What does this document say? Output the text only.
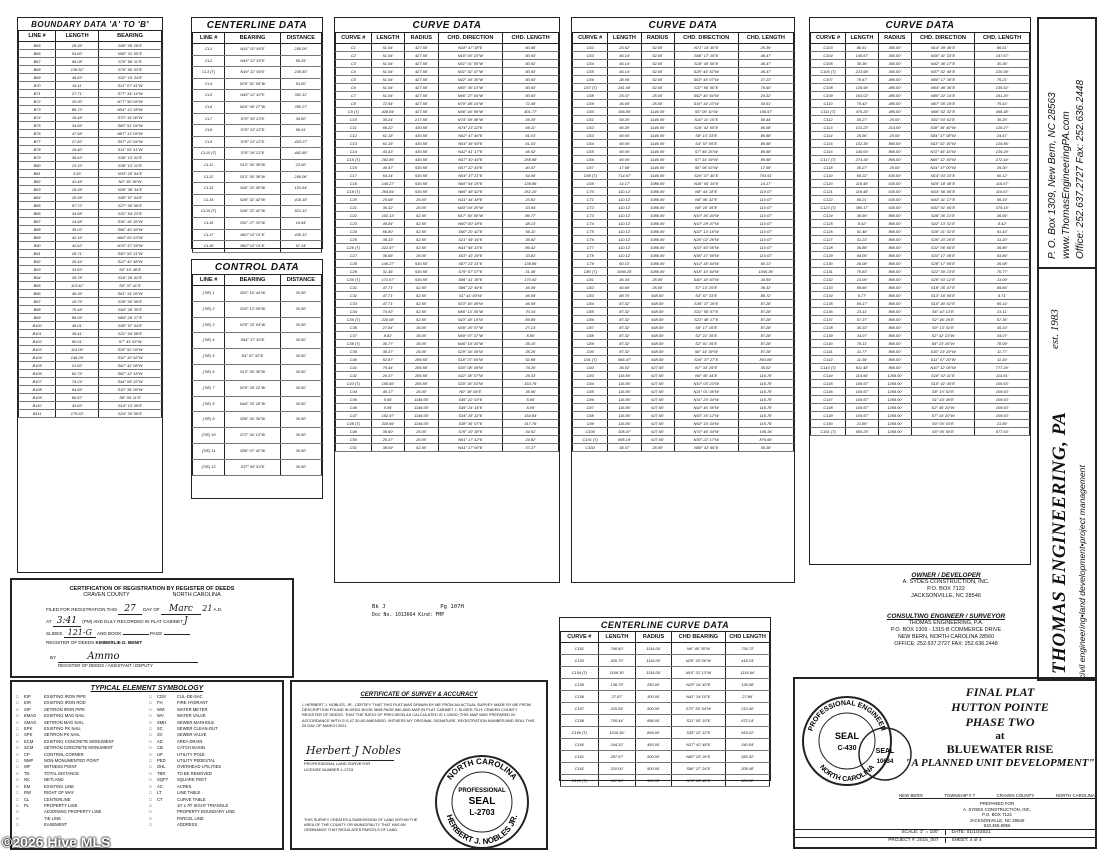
BOUNDARY DATA 'A' TO 'B'
LINE #	LENGTH	BEARING
B65	28.36'	S89° 09' 28"E
B66	53.60'	N60° 31' 05"E
B67	96.08'	S75° 56' 11"E
B68	138.52'	S79° 50' 53"E
B69	49.83'	S32° 19' 34"E
B70	19.11'	S21° 07' 41"W
B71	27.71'	S77° 34' 14"W
B72	20.00'	N77° 56' 06"W
B73	89.73'	N54° 13' 38"W
B74	19.45'	S70° 16' 00"W
B75	34.66'	S80° 51' 04"W
B76	47.95'	N87° 13' 06"W
B77	27.82'	S57° 22' 04"W
B78	15.40'	S11° 03' 31"W
B79	39.63'	S36° 13' 01"E
B80	23.33'	S38° 13' 12"E
B81	3.93'	N33° 20' 54"E
B82	41.45'	N0° 35' 36"W
B83	19.35'	N36° 38' 34"E
B84	10.35'	S65° 57' 54"E
B85	67.72'	S27° 05' 56"E
B86	34.58'	S31° 54' 23"E
B87	14.58'	S36° 16' 26"W
B88	35.02'	S66° 40' 49"W
B89	42.16'	N66° 00' 53"W
B90	42.62'	N76° 37' 39"W
B91	28.71'	S50° 53' 21"W
B92	25.44'	S22° 42' 48"W
B93	33.83'	S0° 10' 48"E
B94	35.78'	S16° 26' 41"E
B95	113.62'	S0° 37' 41"E
B96	45.36'	S61° 14' 26"W
B97	10.76'	S39° 00' 09"E
B98	75.45'	S64° 28' 35"E
B99	86.06'	N84° 26' 17"E
B100	49.01'	S65° 57' 54"E
B101	39.41'	S21° 04' 58"E
B102	60.01'	S7° 43' 53"W
B103	114.09'	S25° 52' 09"W
B104	146.29'	S32° 10' 52"W
B105	21.82'	S62° 42' 08"W
B106	82.76'	S82° 12' 18"W
B107	74.24'	S44° 08' 22"W
B108	64.66'	S10° 36' 09"W
B109	86.87'	S8° 06' 11"E
B110	43.83'	S14° 13' 09"E
B111	175.63'	S24° 30' 56"E
CENTERLINE DATA
LINE #	BEARING	DISTANCE
CL1	N16° 20' 56"E	250.00'
CL2	N45° 22' 55"E	95.29'
CL3 (T)	N16° 22' 56"E	235.50'
CL4	N76° 51' 04"W	53.00'
CL5	N45° 22' 42"E	302.12'
CL6	N16° 06' 27"W	280.27'
CL7	S79° 39' 23"E	34.00'
CL8	S76° 23' 22"E	99.41'
CL9	S76° 23' 22"E	403.27'
CL10 (T)	S76° 26' 22"E	462.68'
CL11	S13° 36' 38"W	23.00'
CL12	S13° 36' 38"W	256.06'
CL13	S46° 32' 40"W	101.64'
CL14	S46° 32' 42"W	418.18'
CL15 (T)	S46° 32' 42"W	521.12'
CL16	S51° 27' 33"W	19.94'
CL17	N62° 02' 01"E	430.12'
CL18	N62° 02' 01"E	67.14'
CONTROL DATA
LINE #	BEARING	DISTANCE
(TIE) 1	S02° 16' 44"W	30.50'
(TIE) 2	S33° 13' 05"W	30.50'
(TIE) 3	N78° 33' 04"W	30.50'
(TIE) 4	S44° 37' 16"E	30.50'
(TIE) 5	S4° 57' 52"E	30.50'
(TIE) 6	S13° 36' 38"W	30.50'
(TIE) 7	N76° 26' 22"W	30.50'
(TIE) 8	N44° 33' 18"W	30.50'
(TIE) 9	S59° 30' 36"W	30.50'
(TIE) 10	S72° 34' 13"W	30.50'
(TIE) 11	S86° 07' 42"W	30.50'
(TIE) 12	S37° 55' 53"E	30.50'
CURVE DATA
CURVE #	LENGTH	RADIUS	CHD. DIRECTION	CHD. LENGTH
C1	51.04'	427.50'	N18° 47' 38"E	50.96'
C2	51.04'	427.50'	N16° 00' 23"W	50.93'
C3	51.04'	427.50'	N31° 01' 55"W	50.92'
C4	51.04'	427.50'	N31° 52' 47"W	50.93'
C5	51.04'	427.50'	N42° 44' 30"W	50.93'
C6	51.04'	427.50'	N50° 35' 13"W	50.93'
C7	51.04'	427.50'	N66° 27' 54"W	50.93'
C8	72.54'	427.50'	N79° 48' 24"W	72.45'
C9 (T)	428.84'	427.50'	N36° 44' 56"W	401.77'
C10	35.24'	217.50'	N74° 59' 48"W	35.20'
C11	66.22'	430.50'	N74° 23' 22"E	66.11'
C12	61.18'	430.50'	N62° 47' 46"E	61.03'
C13	61.18'	430.50'	N54° 36' 56"E	61.03'
C14	43.43'	430.50'	N42° 41' 17"E	45.42'
C15 (T)	262.85'	430.50'	N57° 30' 45"E	258.88'
C16	40.47'	530.50'	N57° 22' 45"E	40.47'
C17	54.14'	530.50'	N54° 37' 21"E	54.09'
C18	140.27'	530.50'	N66° 04' 26"E	139.86'
C18 (T)	264.84'	530.50'	N66° 48' 52"E	262.10'
C20	25.68'	25.00'	N31° 44' 48"E	23.81'
C21	36.32'	25.00'	N43° 04' 20"W	33.94'
C22	102.13'	52.50'	N17° 50' 50"W	86.77'
C23	49.84'	52.50'	N60° 00' 18"E	48.13'
C24	56.80'	52.50'	S60° 20' 42"E	55.11'
C25	38.33'	52.50'	S21° 49' 34"E	35.92'
C26 (T)	222.97'	52.50'	N41° 56' 33"E	86.42'
C27	36.68'	25.00'	S53° 43' 29"E	33.81'
C28	140.27'	530.50'	S87° 23' 31"E	139.86'
C29	31.45'	530.50'	S79° 07' 07"E	31.45'
C30 (T)	171.67'	530.50'	S86° 41' 36"E	170.92'
C31	47.71'	52.50'	S86° 22' 49"E	46.09'
C32	47.71'	52.50'	S1° 41' 00"W	46.09'
C33	47.71'	52.50'	S53° 40' 48"W	46.09'
C34	74.93'	52.50'	N56° 13' 35"W	70.34'
C35 (T)	220.08'	52.50'	S43° 48' 16"W	89.85'
C36	27.84'	35.00'	N39° 25' 07"W	27.13'
C37	8.82'	35.00'	N69° 07' 37"W	8.80'
C38 (T)	36.77'	35.00'	N46° 19' 43"W	35.10'
C39	38.37'	25.00'	S29° 34' 39"W	35.26'
C40	52.87'	286.50'	S18° 07' 50"W	52.89'
C41	79.44'	286.50'	S30° 08' 39"W	79.20'
C42	29.37'	286.50'	S42° 38' 37"W	29.33'
C43 (T)	155.66'	286.50'	S30° 30' 53"W	153.76'
C44	40.17'	25.00'	N0° 38' 04"E	35.96'
C45	5.66'	1146.00'	S45° 22' 03"E	5.66'
C46	5.06'	1146.00'	S45° 24' 14"E	5.06'
C47	152.97'	1146.00'	S34° 28' 32"E	154.84'
C48 (T)	318.69'	1146.00'	S38° 36' 07"E	317.76'
C49	39.60'	25.00'	S76° 10' 38"E	34.51'
C50	25.37'	25.00'	N61° 17' 42"E	24.82'
C51	38.09'	52.50'	N41° 17' 06"E	37.27'
CURVE DATA
CURVE #	LENGTH	RADIUS	CHD. DIRECTION	CHD. LENGTH
C52	25.62'	52.50'	N71° 14' 30"E	25.39'
C53	46.14'	52.50'	S66° 17' 15"E	46.47'
C54	46.14'	52.50'	S18° 45' 56"E	46.47'
C55	46.14'	52.50'	S28° 45' 52"W	46.47'
C56	38.06'	52.50'	S63° 45' 07"W	37.23'
C57 (T)	241.60'	52.50'	S37° 56' 50"E	76.60'
C58	25.37'	25.00'	S62° 46' 54"W	24.32'
C59	36.69'	25.00'	S16° 34' 23"W	34.51'
C60	156.80'	1146.00'	S5° 09' 10"W	156.57'
C61	59.20'	1146.00'	S10° 11' 15"E	59.44'
C62	90.20'	1146.00'	S16° 42' 05"E	90.08'
C63	90.00'	1146.00'	S8° 13' 33"E	89.98'
C64	90.00'	1146.00'	S4° 57' 05"E	89.98'
C65	90.00'	1146.00'	S7° 45' 26"W	89.98'
C66	90.00'	1146.00'	S7° 14' 39"W	89.98'
C67	17.58'	1146.00'	S6° 06' 63"W	17.58'
C68 (T)	714.67'	1146.00'	S10° 37' 40"E	703.51'
C69	14.17'	1086.00'	N16° 05' 34"E	14.17'
C70	110.12'	1086.00'	N8° 44' 18"E	110.07'
C71	110.12'	1086.00'	N8° 06' 32"E	110.07'
C72	110.12'	1086.00'	N8° 10' 35"E	110.07'
C73	110.12'	1086.00'	N10° 36' 44"W	110.07'
C74	110.12'	1086.00'	N10° 28' 47"W	110.07'
C75	110.12'	1086.00'	N22° 14' 16"W	110.07'
C76	110.12'	1086.00'	N26° 02' 26"W	110.07'
C77	110.12'	1086.00'	N33° 50' 05"W	110.07'
C78	110.12'	1086.00'	N36° 37' 59"W	110.07'
C79	60.13'	1086.00'	N14° 38' 54"W	60.13'
C80 (T)	1066.25'	1086.00'	N18° 10' 54"W	1045.36'
C81	36.34'	25.00'	S40° 18' 53"W	34.59'
C82	40.65'	25.00'	S7° 13' 25"E	36.32'
C83	88.70'	648.50'	S4° 57' 33"E	88.72'
C84	87.32'	648.50'	S36° 37' 19"E	87.28'
C85	87.32'	648.50'	S31° 55' 07"E	87.28'
C86	87.32'	648.50'	S23° 48' 17"E	87.28'
C87	87.32'	648.50'	S9° 17' 16"E	87.28'
C88	87.32'	648.50'	S2° 21' 35"E	87.28'
C89	87.32'	648.50'	S2° 01' 35"E	87.28'
C90	87.32'	648.50'	S6° 14' 39"W	87.28'
C91 (T)	866.47'	648.50'	S16° 37' 27"E	803.89'
C92	36.02'	627.50'	N7° 33' 25"E	35.02'
C93	116.80'	627.50'	N0° 45' 44"E	116.76'
C94	116.80'	627.50'	N10° 05' 23"W	116.76'
C95	116.80'	627.50'	N21° 01' 05"W	116.76'
C96	116.80'	627.50'	N31° 25' 34"W	116.76'
C97	116.80'	627.50'	N42° 46' 36"W	116.76'
C98	116.80'	627.50'	N53° 35' 12"W	116.76'
C99	116.80'	627.50'	N64° 19' 34"W	116.76'
C100	105.47'	627.50'	N74° 46' 34"W	106.34'
C101 (T)	895.19'	627.50'	N30° 22' 17"W	876.66'
C102	38.37'	25.00'	N58° 32' 56"E	36.38'
CURVE DATA
CURVE #	LENGTH	RADIUS	CHD. DIRECTION	CHD. LENGTH
C103	86.51'	365.50'	N14° 49' 49"E	86.51'
C104	145.67'	365.50'	N30° 41' 33"E	147.67'
C105	30.36'	365.50'	N42° 46' 17"E	30.36'
C106 (T)	223.68'	365.50'	N37° 02' 49"E	220.39'
C107	75.47'	485.50'	N50° 17' 36"E	75.21'
C108	135.96'	485.50'	N64° 46' 36"E	135.52'
C109	163.02'	485.50'	N80° 22' 14"E	161.20'
C110	75.43'	485.50'	N67° 05' 19"E	75.43'
C111 (T)	475.20'	485.50'	N69° 02' 32"E	456.48'
C112	30.27'	25.00'	S51° 03' 52"E	30.26'
C113	131.23'	214.00'	S38° 36' 40"W	129.27'
C114	25.86'	25.00'	S84° 37' 08"W	24.47'
C115	132.36'	865.50'	S63° 02' 39"W	129.86'
C116	140.00'	865.50'	N72° 45' 16"W	139.29'
C117 (T)	274.34'	865.50'	N66° 12' 39"W	272.44'
C118	30.27'	25.00'	N34° 37' 00"W	29.30'
C119	60.22'	630.50'	N14° 03' 23"E	60.12'
C120	116.48'	630.50'	N20° 18' 48"E	116.67'
C121	116.48'	630.50'	N34° 56' 55"E	116.67'
C122	56.21'	630.50'	N43° 41' 17"E	56.19'
C123 (T)	380.17'	630.50'	N32° 01' 06"E	379.15'
C124	36.99'	865.50'	S46° 36' 21"E	36.99'
C125	8.42'	865.50'	S42° 13' 31"E	8.42'
C126	91.48'	865.50'	S36° 21' 31"E	91.43'
C127	31.23'	865.50'	S35° 43' 20"E	31.20'
C128	36.88'	865.50'	S32° 06' 55"E	36.86'
C129	94.05'	865.50'	S33° 17' 45"E	93.89'
C130	26.08'	865.50'	S28° 17' 56"E	26.08'
C131	70.83'	865.50'	S22° 39' 23"E	70.77'
C132	13.09'	865.50'	S25° 53' 12"E	13.09'
C133	89.66'	865.50'	S18° 35' 47"E	89.66'
C134	9.77'	865.50'	S13° 16' 56"E	9.71'
C135	65.17'	865.50'	S10° 40' 02"E	65.14'
C136	23.11'	865.50'	S6° 42' 13"E	23.11'
C137	57.37'	865.50'	S2° 46' 26"E	57.36'
C138	35.33'	865.50'	S0° 13' 31"E	35.33'
C139	34.07'	865.50'	S2° 42' 23"W	34.07'
C140	78.11'	865.50'	S6° 23' 26"W	78.09'
C141	11.77'	865.50'	S10° 23' 29"W	11.77'
C142	11.39'	865.50'	S11° 07' 20"W	11.39'
C143 (T)	811.48'	865.50'	N10° 12' 06"W	777.29'
C144	114.94'	1269.00'	S10° 02' 11"E	114.91'
C145	109.57'	1269.00'	S10° 42' 45"E	109.53'
C146	109.57'	1269.00'	S8° 10' 02"E	109.53'
C147	109.57'	1269.00'	S1° 43' 49"E	109.53'
C148	109.57'	1269.00'	S2° 45' 20"W	109.53'
C149	109.57'	1269.00'	S7° 14' 20"W	109.53'
C150	21.89'	1269.00'	S0° 00' 03"E	21.89'
C151 (T)	650.25'	1269.00'	S5° 06' 50"E	677.63'
P. O. Box 1309, New Bern, NC 28563 www.ThomasEngineeringPA.com Office: 252.637.2727 Fax: 252.636.2448
est. 1983
THOMAS ENGINEERING, PA civil engineering•land development•project management
CERTIFICATION OF REGISTRATION BY REGISTER OF DEEDS
CRAVEN COUNTY	NORTH CAROLINA
FILED FOR REGISTRATION THIS 27 DAY OF Marc 21 A.D.
AT 3:41 (PM) AND DULY RECORDED IN PLAT CABINET J
SLIDES 121-G AND BOOK	PAGE
REGISTER OF DEEDS KIMBERLIE D. BEMIT
BY	Ammo
REGISTER OF DEEDS / ASSISTANT / DEPUTY
Bk J	Pg 107H
Doc No. 1013664 Kind: FMP
TYPICAL ELEMENT SYMBOLOGY
□	EIP	EXISTING IRON PIPE
□	EIR	EXISTING IRON ROD
□	SIP	SETIRON IRON PIPE
□	EMAG	EXISTING MAG NAIL
□	SMAG	SETIRON MAG NAIL
□	EPK	EXISTING PK NAIL
□	SPK	SETIRON PK NAIL
□	ECM	EXISTING CONCRETE MONUMENT
□	SCM	SETIRON CONCRETE MONUMENT
□	CP	CONTROL CORNER
□	NMP	NON-MONUMENTED POINT
□	WF	WITNESS POINT
□	TD	TOTAL DISTANCE
□	NC	NETLAND
□	EM	EXISTING LINE
□	RW	RIGHT OF WAY
□	CL	CENTERLINE
□	PL	PROPERTY LINE
□	ADJOINING PROPERTY LINE
□	TIE LINE
□	EASEMENT
□	CDS	CUL-DE-SAC
□	FH	FIRE HYDRANT
□	WM	WATER METER
□	WV	WATER VALVE
□	SMH	SEWER MANHOLE
□	SC	SEWER CLEAN-OUT
□	SV	SEWER VALVE
□	AD	AREA DRAIN
□	CB	CATCH BASIN
□	UP	UTILITY POLE
□	PED	UTILITY PEDESTAL
□	OHL	OVERHEAD UTILITIES
□	TBR	TO BE REMOVED
□	SQFT	SQUARE FEET
□	AC	ACRES
□	LT	LINE TABLE
□	CT	CURVE TABLE
□	10' x 70' SIGHT TRIANGLE
□	PROPERTY BOUNDARY LINE
□	PARCEL LINE
□	ADDRESS
CERTIFICATE OF SURVEY & ACCURACY
I, HERBERT J. NOBLES, JR., CERTIFY THAT THIS PLAT WAS DRAWN BY ME FROM AN ACTUAL SURVEY MADE BY ME FROM DESCRIPTION FOUND IN DEED BOOK 3608 PAGE 880 AND MAP IN PLAT CABINET J, SLIDES 75-H; CRAVEN COUNTY REGISTER OF DEEDS. THAT THE RATIO OF PRECISION AS CALCULATED IS 1:10000; THIS MAP WAS PREPARED IN ACCORDANCE WITH G.S.47-30 AS AMENDED. WITNESS MY ORIGINAL SIGNATURE, REGISTRATION NUMBER AND SEAL THIS 25 DAY OF MARCH 2021
Herbert J Nobles
PROFESSIONAL LAND SURVEYOR
LICENSE NUMBER L-2703
THIS SURVEY CREATES A SUBDIVISION OF LAND WITHIN THE AREA OF THE COUNTY OR MUNICIPALITY THAT HAS AN ORDINANCE THAT REGULATES PARCELS OF LAND.
NORTH CAROLINA
HERBERT J. NOBLES JR.
PROFESSIONAL
SEAL
L-2703
CENTERLINE CURVE DATA
CURVE #	LENGTH	RADIUS	CHD BEARING	CHD LENGTH
C152	746.60'	1116.00'	N6° 48' 35"W	734.72'
C153	420.70'	1116.00'	N26° 43' 06"W	418.24'
C154 (T)	1166.30'	1116.00'	N10° 32' 13"W	1116.64'
C155	138.78'	250.00'	N29° 26' 40"E	136.98'
C156	27.87'	300.00'	N41° 34' 02"E	27.86'
C157	215.06'	500.00'	S70° 55' 04"W	213.40'
C158	705.44'	896.00'	S21° 50' 10"E	672.14'
C159 (T)	1016.36'	896.00'	S35° 22' 12"E	919.22'
C160	244.32'	450.00'	N37° 42' 48"E	240.54'
C161	287.97'	500.00'	N80° 25' 26"E	283.02'
C162	210.00'	500.00'	S86° 27' 24"E	208.48'
C163 (T)	667.96'	500.00'	N74° 28' 40"E	406.32'
OWNER / DEVELOPER
A. SYDES CONSTRUCTION, INC.
P.O. BOX 7122
JACKSONVILLE, NC 28546
CONSULTING ENGINEER / SURVEYOR
THOMAS ENGINEERING, P.A.
P.O. BOX 1309 - 1315-B COMMERCE DRIVE
NEW BERN, NORTH CAROLINA 28560
OFFICE: 252.637.2727 FAX: 252.636.2448
PROFESSIONAL ENGINEER
NORTH CAROLINA
SEAL
C-430	SEAL
10634
FINAL PLAT
HUTTON POINTE
PHASE TWO
at
BLUEWATER RISE
"A PLANNED UNIT DEVELOPMENT"
NEW BERN	TOWNSHIP # 7	CRAVEN COUNTY	NORTH CAROLINA
PREPARED FOR
A. SYDES CONSTRUCTION, INC.
P.O. BOX 7122
JACKSONVILLE, NC 28546
910.455.8956
SCALE: 1" = 100'	DATE: 01/10/2021
PROJECT #: 2015_007	SHEET: 4 of 4
©2026 Hive MLS
